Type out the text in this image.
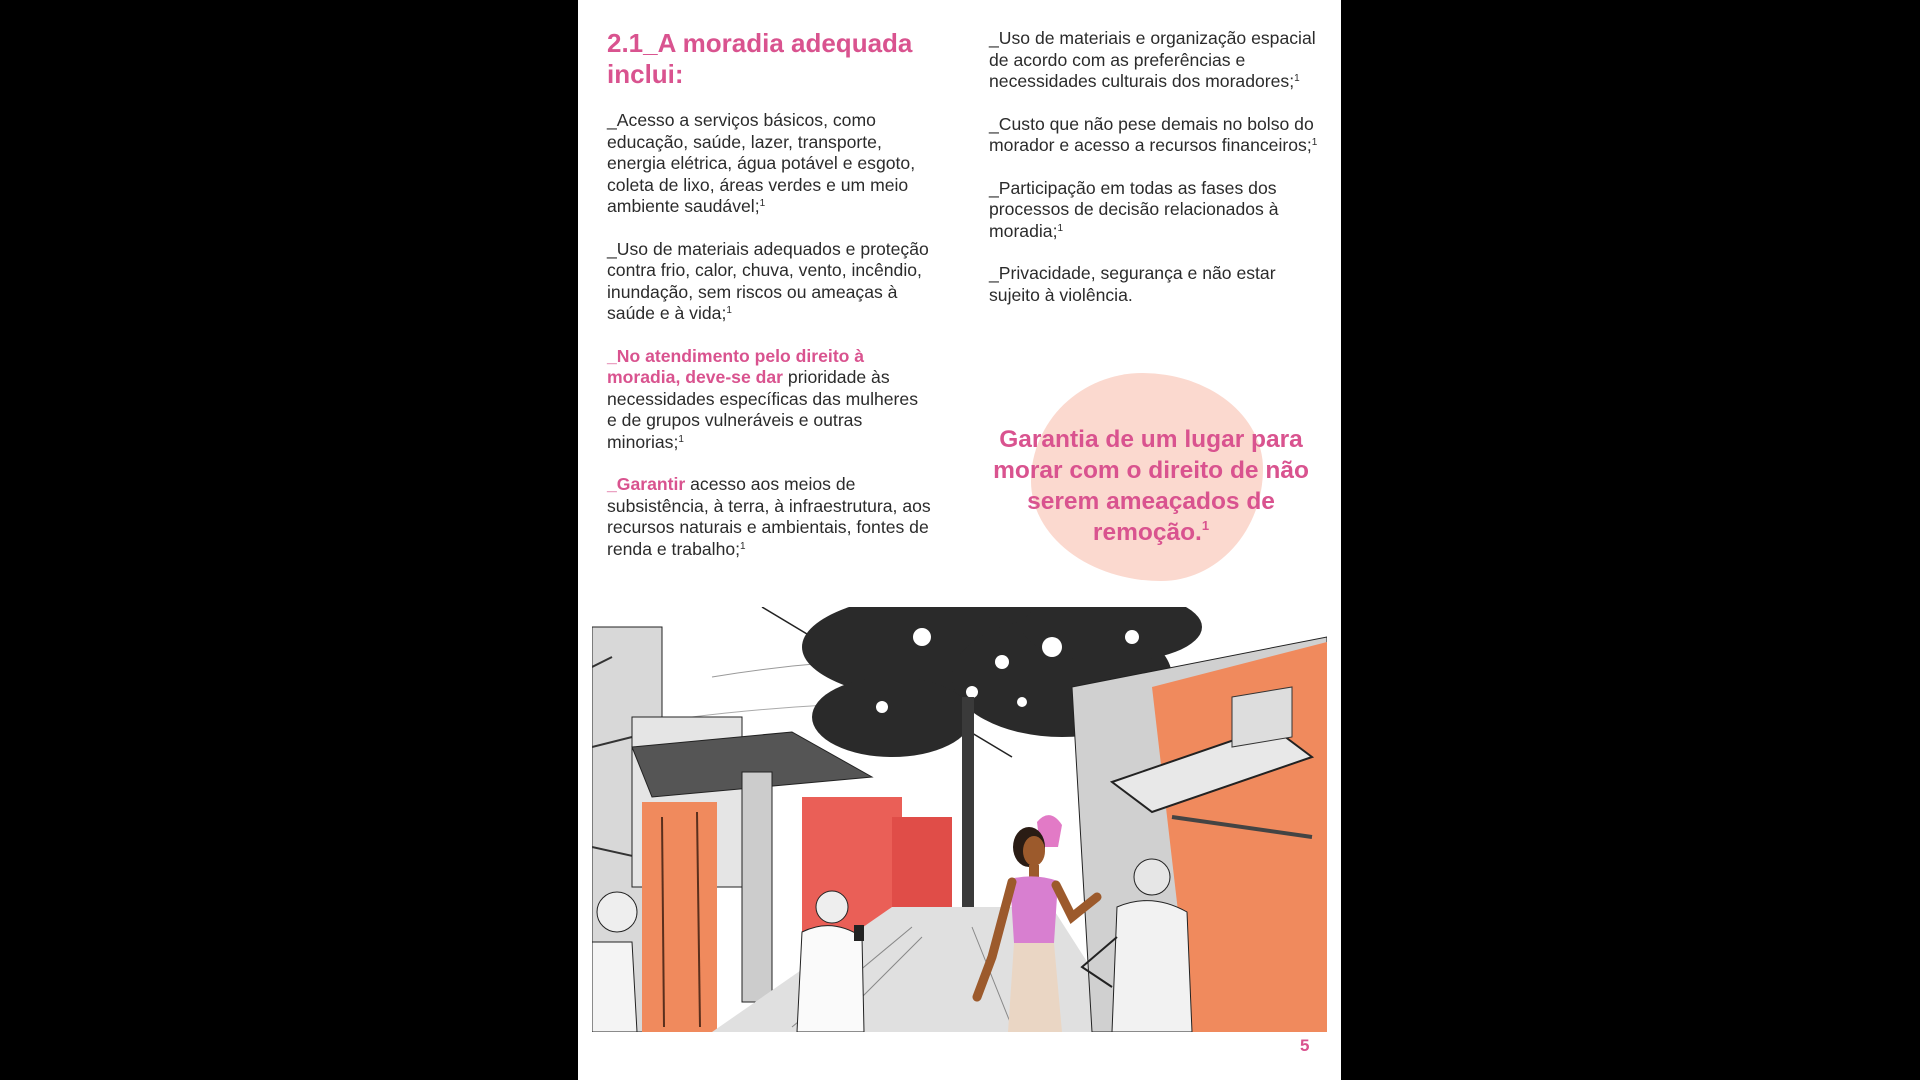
2.1_A moradia adequada
inclui:

_Acesso a serviços básicos, como educação, saúde, lazer, transporte, energia elétrica, água potável e esgoto, coleta de lixo, áreas verdes e um meio ambiente saudável;$^1$

_Uso de materiais adequados e proteção contra frio, calor, chuva, vento, incêndio, inundação, sem riscos ou ameaças à saúde e à vida;$^1$

_No atendimento pelo direito à moradia, deve-se dar prioridade às necessidades específicas das mulheres e de grupos vulneráveis e outras minorias;$^1$

_Garantir acesso aos meios de subsistência, à terra, à infraestrutura, aos recursos naturais e ambientais, fontes de renda e trabalho;$^1$

_Uso de materiais e organização espacial de acordo com as preferências e necessidades culturais dos moradores;$^1$

_Custo que não pese demais no bolso do morador e acesso a recursos financeiros;$^1$

_Participação em todas as fases dos processos de decisão relacionados à moradia;$^1$

_Privacidade, segurança e não estar sujeito à violência.

Garantia de um lugar para morar com o direito de não serem ameaçados de remoção.$^1$
5
